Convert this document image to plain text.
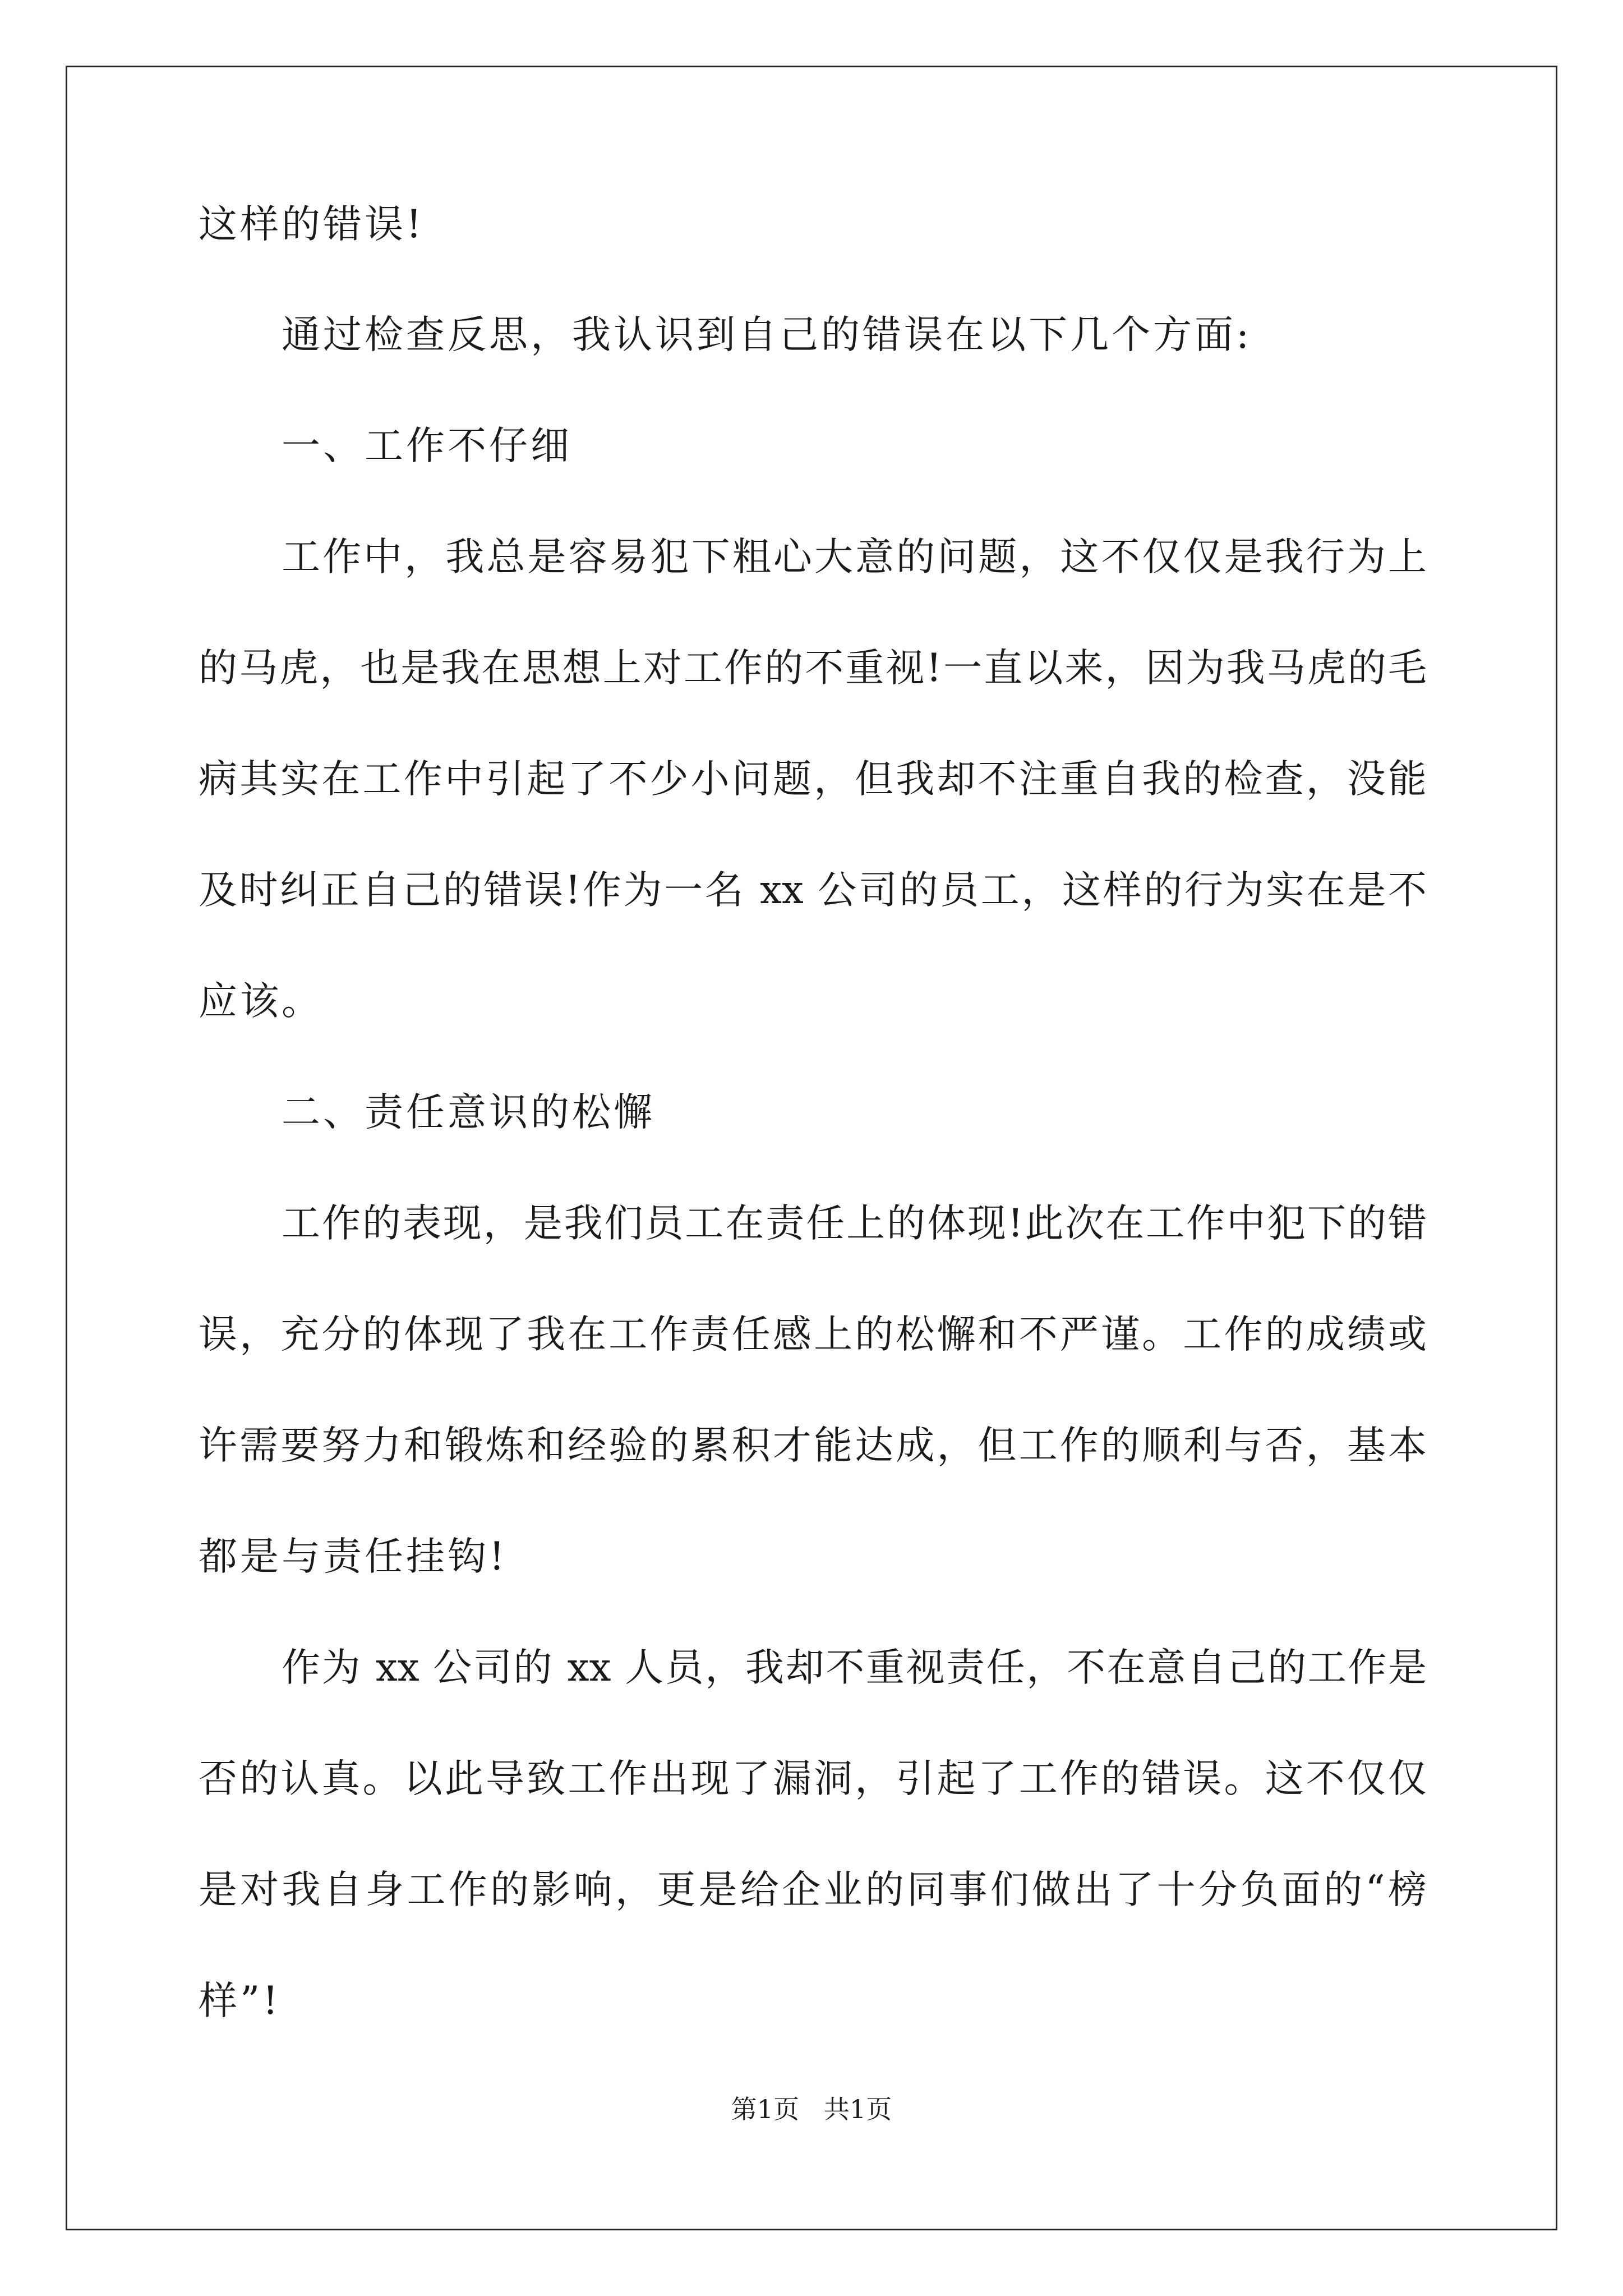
这样的错误!
通过检查反思，我认识到自己的错误在以下几个方面:
一、工作不仔细
工作中，我总是容易犯下粗心大意的问题，这不仅仅是我行为上
的马虎，也是我在思想上对工作的不重视!一直以来，因为我马虎的毛
病其实在工作中引起了不少小问题，但我却不注重自我的检查，没能
及时纠正自己的错误!作为一名 xx 公司的员工，这样的行为实在是不
应该。
二、责任意识的松懈
工作的表现，是我们员工在责任上的体现!此次在工作中犯下的错
误，充分的体现了我在工作责任感上的松懈和不严谨。工作的成绩或
许需要努力和锻炼和经验的累积才能达成，但工作的顺利与否，基本
都是与责任挂钩!
作为 xx 公司的 xx 人员，我却不重视责任，不在意自己的工作是
否的认真。以此导致工作出现了漏洞，引起了工作的错误。这不仅仅
是对我自身工作的影响，更是给企业的同事们做出了十分负面的“榜
样”!
第1页   共1页
